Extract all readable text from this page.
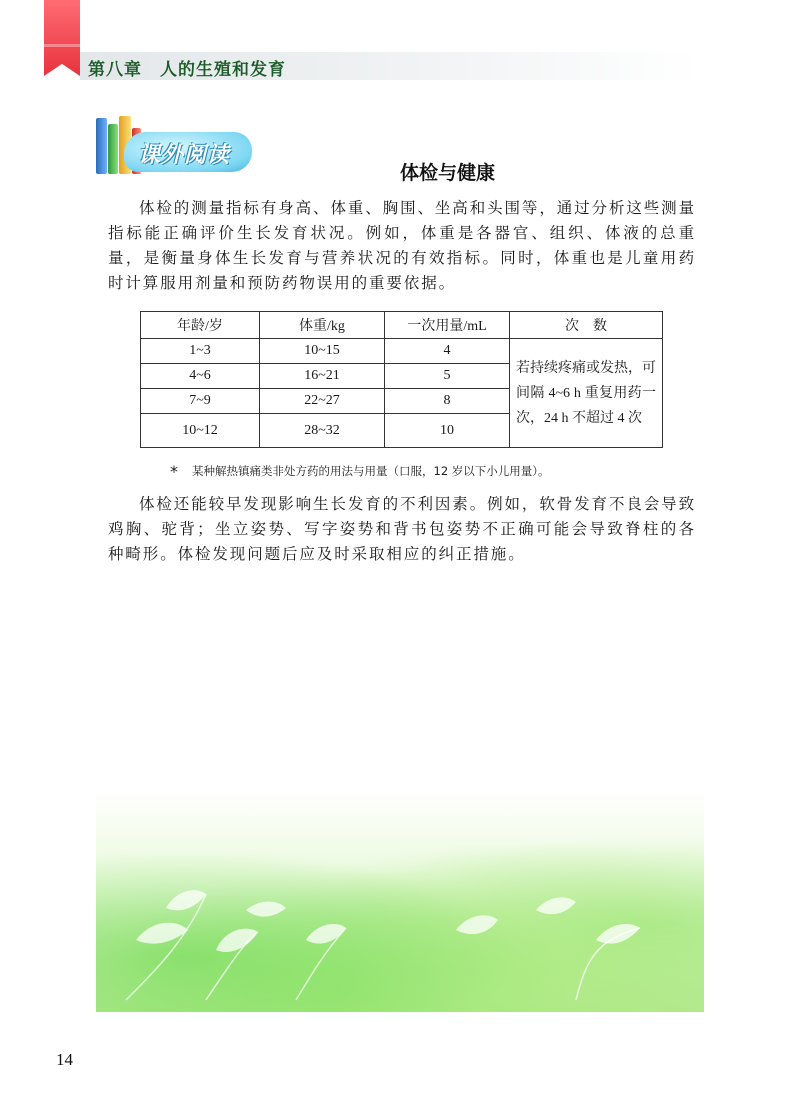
第八章　人的生殖和发育
课外阅读
体检与健康

体检的测量指标有身高、体重、胸围、坐高和头围等，通过分析这些测量指标能正确评价生长发育状况。例如，体重是各器官、组织、体液的总重量，是衡量身体生长发育与营养状况的有效指标。同时，体重也是儿童用药时计算服用剂量和预防药物误用的重要依据。

年龄/岁	体重/kg	一次用量/mL	次　数
1~3	10~15	4	若持续疼痛或发热，可间隔 4~6 h 重复用药一次，24 h 不超过 4 次
4~6	16~21	5	
7~9	22~27	8	
10~12	28~32	10	
* 某种解热镇痛类非处方药的用法与用量（口服，12 岁以下小儿用量）。

体检还能较早发现影响生长发育的不利因素。例如，软骨发育不良会导致鸡胸、驼背；坐立姿势、写字姿势和背书包姿势不正确可能会导致脊柱的各种畸形。体检发现问题后应及时采取相应的纠正措施。

14
